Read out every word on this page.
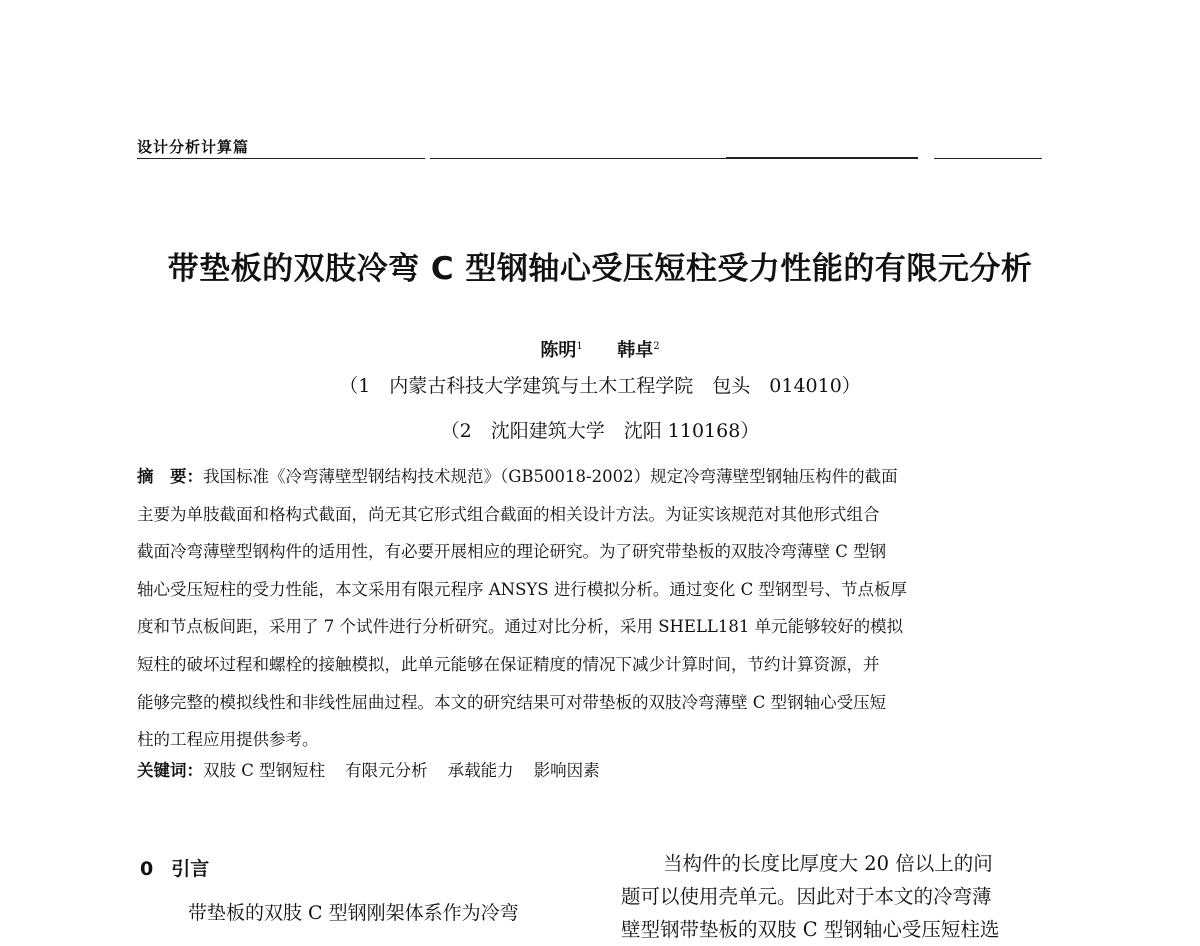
设计分析计算篇
带垫板的双肢冷弯 C 型钢轴心受压短柱受力性能的有限元分析
陈明$^1$ 韩卓$^2$
（1　内蒙古科技大学建筑与土木工程学院　包头　014010）
（2　沈阳建筑大学　沈阳 110168）

摘　要：我国标准《冷弯薄壁型钢结构技术规范》（GB50018-2002）规定冷弯薄壁型钢轴压构件的截面

主要为单肢截面和格构式截面，尚无其它形式组合截面的相关设计方法。为证实该规范对其他形式组合

截面冷弯薄壁型钢构件的适用性，有必要开展相应的理论研究。为了研究带垫板的双肢冷弯薄壁 C 型钢

轴心受压短柱的受力性能，本文采用有限元程序 ANSYS 进行模拟分析。通过变化 C 型钢型号、节点板厚

度和节点板间距，采用了 7 个试件进行分析研究。通过对比分析，采用 SHELL181 单元能够较好的模拟

短柱的破坏过程和螺栓的接触模拟，此单元能够在保证精度的情况下减少计算时间，节约计算资源，并

能够完整的模拟线性和非线性屈曲过程。本文的研究结果可对带垫板的双肢冷弯薄壁 C 型钢轴心受压短

柱的工程应用提供参考。

关键词：双肢 C 型钢短柱 有限元分析 承载能力 影响因素
0 引言
带垫板的双肢 C 型钢刚架体系作为冷弯

当构件的长度比厚度大 20 倍以上的问

题可以使用壳单元。因此对于本文的冷弯薄

壁型钢带垫板的双肢 C 型钢轴心受压短柱选
